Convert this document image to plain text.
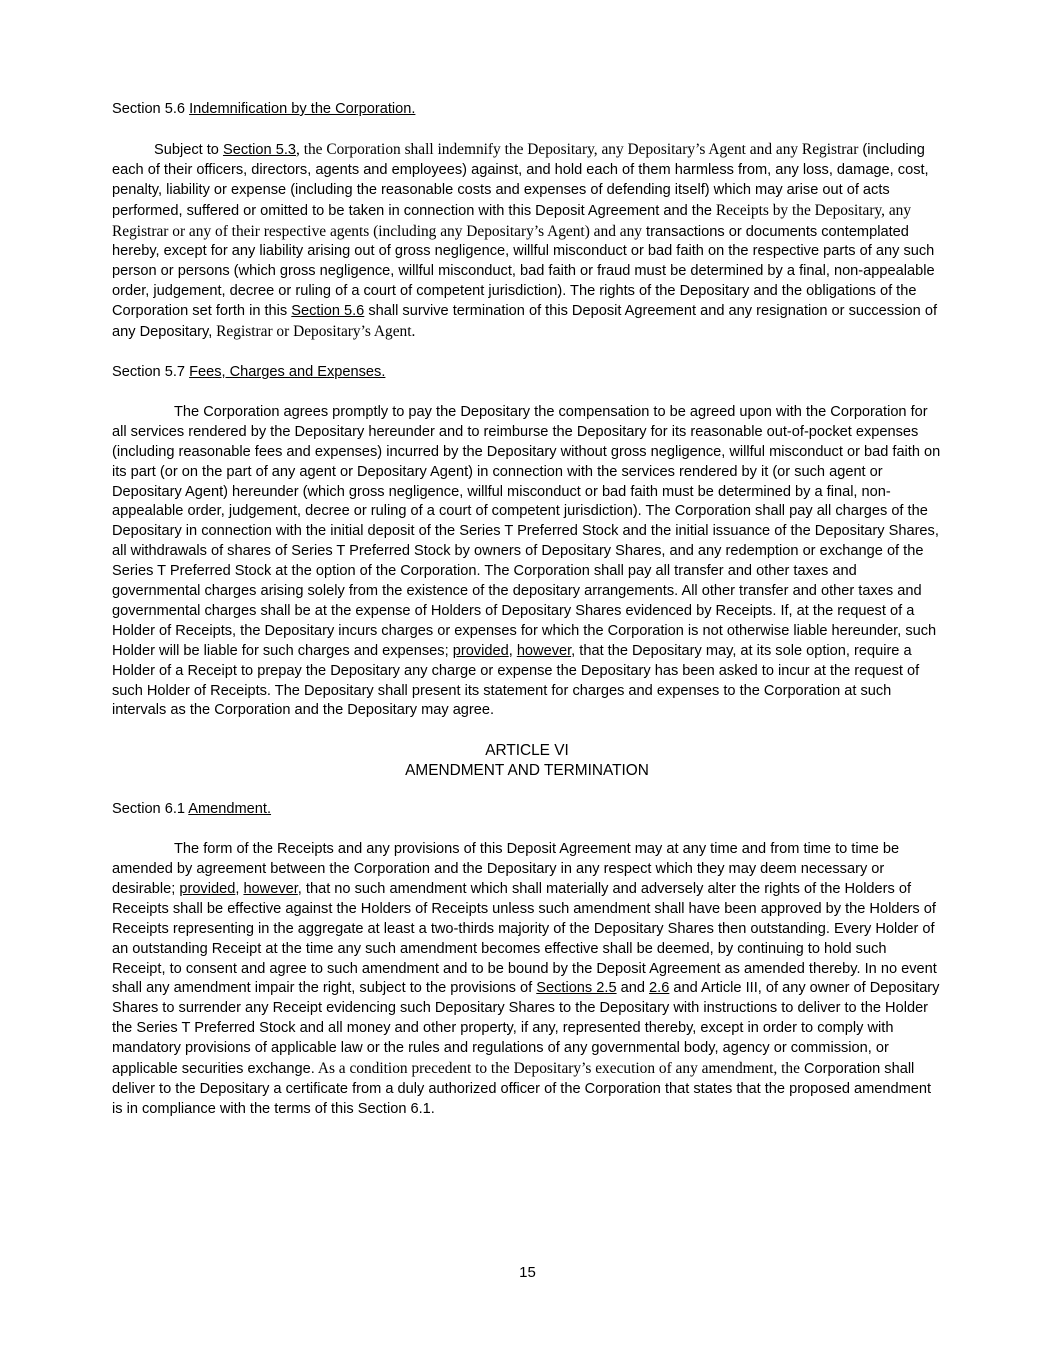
Section 5.6 Indemnification by the Corporation.

Subject to Section 5.3, the Corporation shall indemnify the Depositary, any Depositary’s Agent and any Registrar (including each of their officers, directors, agents and employees) against, and hold each of them harmless from, any loss, damage, cost, penalty, liability or expense (including the reasonable costs and expenses of defending itself) which may arise out of acts performed, suffered or omitted to be taken in connection with this Deposit Agreement and the Receipts by the Depositary, any Registrar or any of their respective agents (including any Depositary’s Agent) and any transactions or documents contemplated hereby, except for any liability arising out of gross negligence, willful misconduct or bad faith on the respective parts of any such person or persons (which gross negligence, willful misconduct, bad faith or fraud must be determined by a final, non-appealable order, judgement, decree or ruling of a court of competent jurisdiction). The rights of the Depositary and the obligations of the Corporation set forth in this Section 5.6 shall survive termination of this Deposit Agreement and any resignation or succession of any Depositary, Registrar or Depositary’s Agent.

Section 5.7 Fees, Charges and Expenses.

The Corporation agrees promptly to pay the Depositary the compensation to be agreed upon with the Corporation for all services rendered by the Depositary hereunder and to reimburse the Depositary for its reasonable out-of-pocket expenses (including reasonable fees and expenses) incurred by the Depositary without gross negligence, willful misconduct or bad faith on its part (or on the part of any agent or Depositary Agent) in connection with the services rendered by it (or such agent or Depositary Agent) hereunder (which gross negligence, willful misconduct or bad faith must be determined by a final, non-appealable order, judgement, decree or ruling of a court of competent jurisdiction). The Corporation shall pay all charges of the Depositary in connection with the initial deposit of the Series T Preferred Stock and the initial issuance of the Depositary Shares, all withdrawals of shares of Series T Preferred Stock by owners of Depositary Shares, and any redemption or exchange of the Series T Preferred Stock at the option of the Corporation. The Corporation shall pay all transfer and other taxes and governmental charges arising solely from the existence of the depositary arrangements. All other transfer and other taxes and governmental charges shall be at the expense of Holders of Depositary Shares evidenced by Receipts. If, at the request of a Holder of Receipts, the Depositary incurs charges or expenses for which the Corporation is not otherwise liable hereunder, such Holder will be liable for such charges and expenses; provided, however, that the Depositary may, at its sole option, require a Holder of a Receipt to prepay the Depositary any charge or expense the Depositary has been asked to incur at the request of such Holder of Receipts. The Depositary shall present its statement for charges and expenses to the Corporation at such intervals as the Corporation and the Depositary may agree.

ARTICLE VI
AMENDMENT AND TERMINATION

Section 6.1 Amendment.

The form of the Receipts and any provisions of this Deposit Agreement may at any time and from time to time be amended by agreement between the Corporation and the Depositary in any respect which they may deem necessary or desirable; provided, however, that no such amendment which shall materially and adversely alter the rights of the Holders of Receipts shall be effective against the Holders of Receipts unless such amendment shall have been approved by the Holders of Receipts representing in the aggregate at least a two-thirds majority of the Depositary Shares then outstanding. Every Holder of an outstanding Receipt at the time any such amendment becomes effective shall be deemed, by continuing to hold such Receipt, to consent and agree to such amendment and to be bound by the Deposit Agreement as amended thereby. In no event shall any amendment impair the right, subject to the provisions of Sections 2.5 and 2.6 and Article III, of any owner of Depositary Shares to surrender any Receipt evidencing such Depositary Shares to the Depositary with instructions to deliver to the Holder the Series T Preferred Stock and all money and other property, if any, represented thereby, except in order to comply with mandatory provisions of applicable law or the rules and regulations of any governmental body, agency or commission, or applicable securities exchange. As a condition precedent to the Depositary’s execution of any amendment, the Corporation shall deliver to the Depositary a certificate from a duly authorized officer of the Corporation that states that the proposed amendment is in compliance with the terms of this Section 6.1.

15
